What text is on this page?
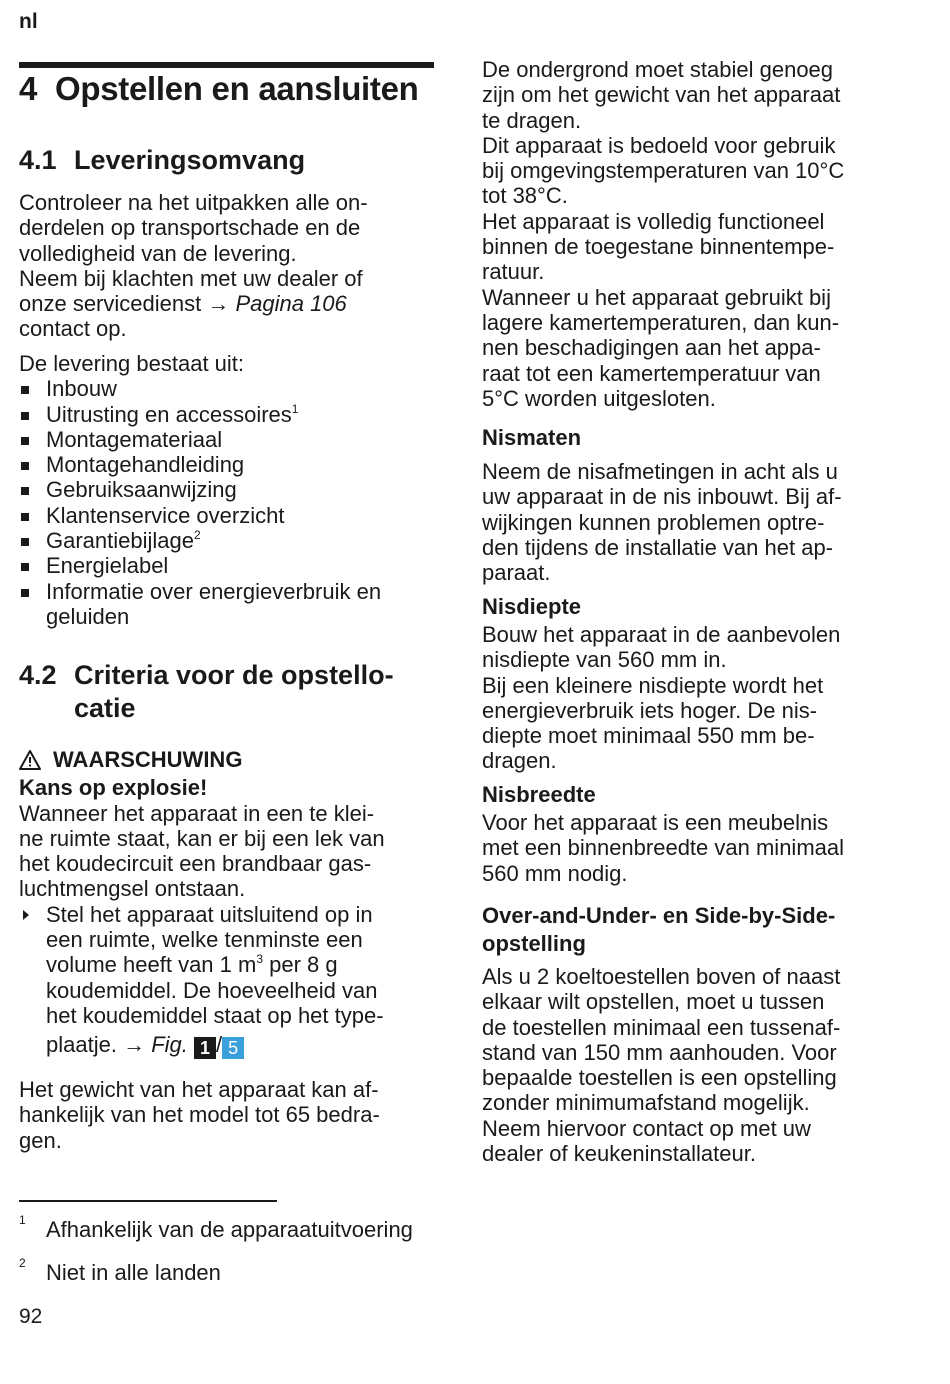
nl
4 Opstellen en aansluiten
4.1 Leveringsomvang
Controleer na het uitpakken alle on-
derdelen op transportschade en de
volledigheid van de levering.
Neem bij klachten met uw dealer of
onze servicedienst → Pagina 106
contact op.
De levering bestaat uit:
Inbouw
Uitrusting en accessoires$^1$
Montagemateriaal
Montagehandleiding
Gebruiksaanwijzing
Klantenservice overzicht
Garantiebijlage$^2$
Energielabel
Informatie over energieverbruik en geluiden
4.2 Criteria voor de opstello-
catie
WAARSCHUWING
Kans op explosie!
Wanneer het apparaat in een te klei-
ne ruimte staat, kan er bij een lek van
het koudecircuit een brandbaar gas-
luchtmengsel ontstaan.
Stel het apparaat uitsluitend op in
een ruimte, welke tenminste een
volume heeft van 1 $m^3$ per 8 g
koudemiddel. De hoeveelheid van
het koudemiddel staat op het type-
plaatje. → Fig. 1 / 5
Het gewicht van het apparaat kan af-
hankelijk van het model tot 65 bedra-
gen.
De ondergrond moet stabiel genoeg
zijn om het gewicht van het apparaat
te dragen.
Dit apparaat is bedoeld voor gebruik
bij omgevingstemperaturen van 10°C
tot 38°C.
Het apparaat is volledig functioneel
binnen de toegestane binnentempe-
ratuur.
Wanneer u het apparaat gebruikt bij
lagere kamertemperaturen, dan kun-
nen beschadigingen aan het appa-
raat tot een kamertemperatuur van
5°C worden uitgesloten.
Nismaten
Neem de nisafmetingen in acht als u
uw apparaat in de nis inbouwt. Bij af-
wijkingen kunnen problemen optre-
den tijdens de installatie van het ap-
paraat.
Nisdiepte
Bouw het apparaat in de aanbevolen
nisdiepte van 560 mm in.
Bij een kleinere nisdiepte wordt het
energieverbruik iets hoger. De nis-
diepte moet minimaal 550 mm be-
dragen.
Nisbreedte
Voor het apparaat is een meubelnis
met een binnenbreedte van minimaal
560 mm nodig.
Over-and-Under- en Side-by-Side-
opstelling
Als u 2 koeltoestellen boven of naast
elkaar wilt opstellen, moet u tussen
de toestellen minimaal een tussenaf-
stand van 150 mm aanhouden. Voor
bepaalde toestellen is een opstelling
zonder minimumafstand mogelijk.
Neem hiervoor contact op met uw
dealer of keukeninstallateur.
1 Afhankelijk van de apparaatuitvoering
2 Niet in alle landen
92
